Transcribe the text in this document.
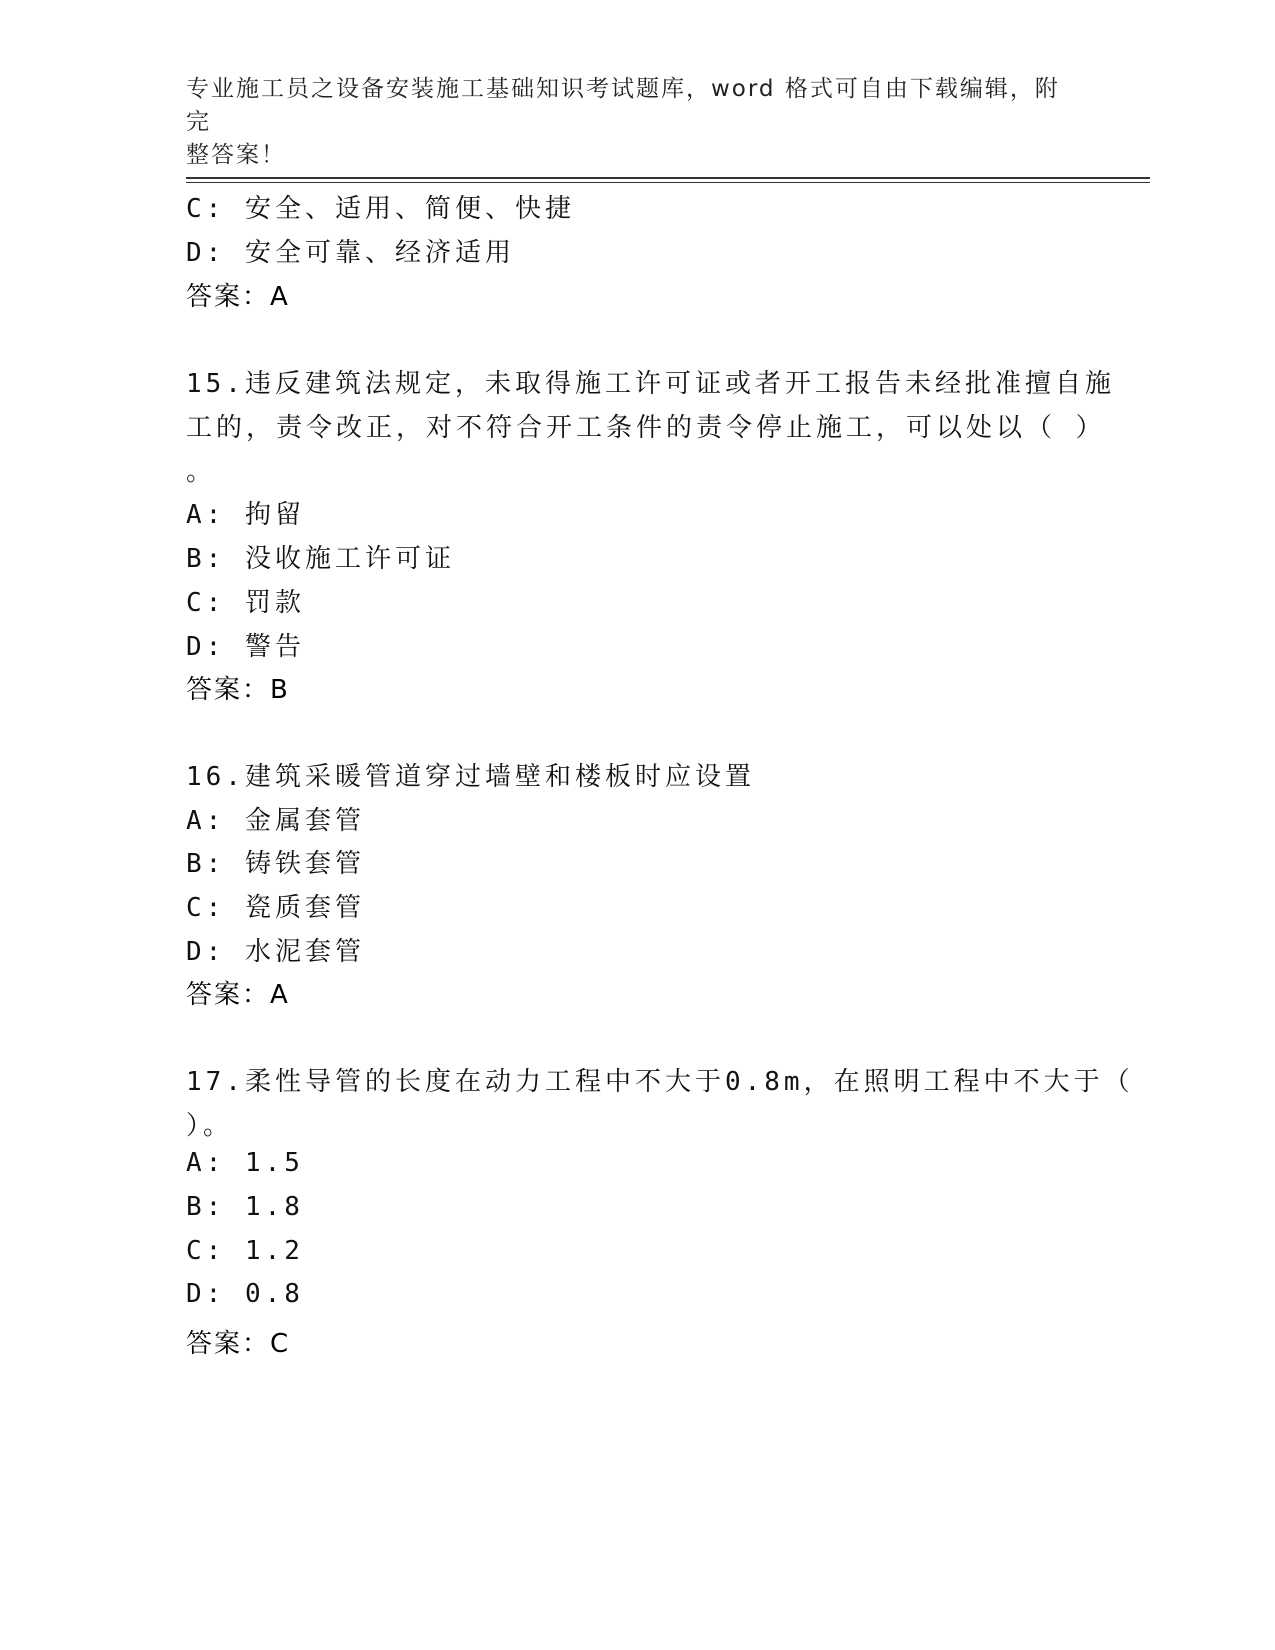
专业施工员之设备安装施工基础知识考试题库，word 格式可自由下载编辑，附完
整答案！
C: 安全、适用、简便、快捷
D: 安全可靠、经济适用
答案：A
15.违反建筑法规定，未取得施工许可证或者开工报告未经批准擅自施
工的，责令改正，对不符合开工条件的责令停止施工，可以处以（ ）
。
A: 拘留
B: 没收施工许可证
C: 罚款
D: 警告
答案：B
16.建筑采暖管道穿过墙壁和楼板时应设置
A: 金属套管
B: 铸铁套管
C: 瓷质套管
D: 水泥套管
答案：A
17.柔性导管的长度在动力工程中不大于0.8m，在照明工程中不大于（
）。
A: 1.5
B: 1.8
C: 1.2
D: 0.8
答案：C
